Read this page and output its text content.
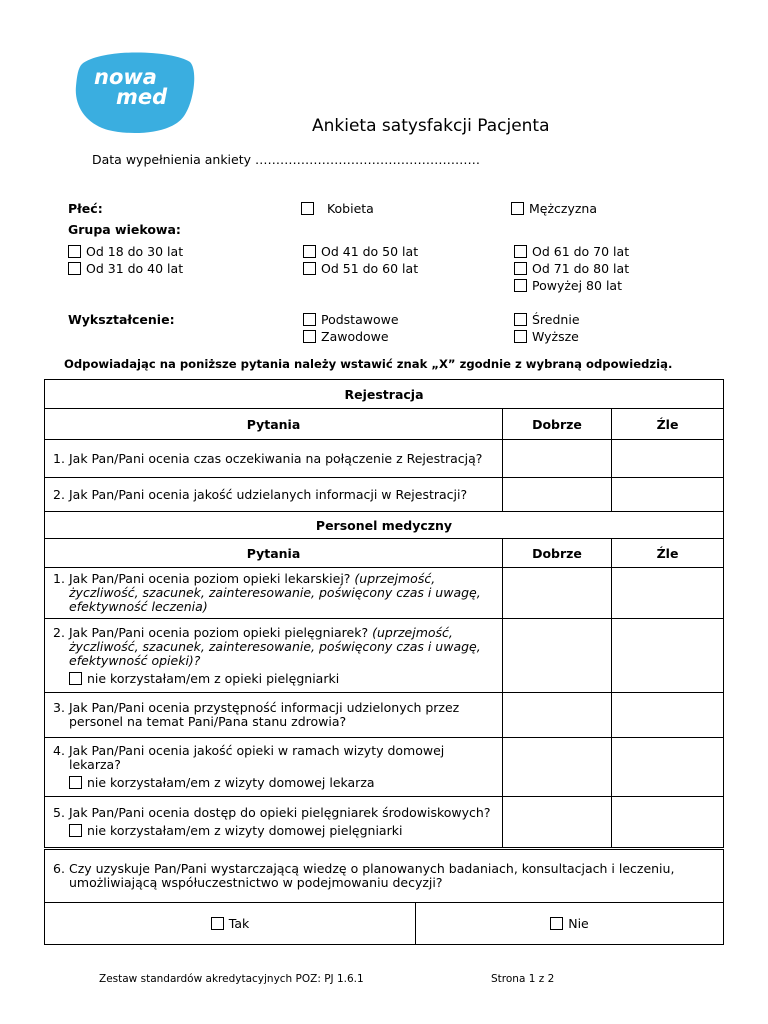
nowa
med
Ankieta satysfakcji Pacjenta
Data wypełnienia ankiety ………………………………………………
Płeć:	Kobieta	Mężczyzna
Grupa wiekowa:
Od 18 do 30 lat
Od 31 do 40 lat
Od 41 do 50 lat
Od 51 do 60 lat
Od 61 do 70 lat
Od 71 do 80 lat
Powyżej 80 lat
Wykształcenie:	Podstawowe
Zawodowe
Średnie
Wyższe
Odpowiadając na poniższe pytania należy wstawić znak „X” zgodnie z wybraną odpowiedzią.
Rejestracja		
Pytania	Dobrze	Źle

1. Jak Pan/Pani ocenia czas oczekiwania na połączenie z Rejestracją?		

2. Jak Pan/Pani ocenia jakość udzielanych informacji w Rejestracji?		
Personel medyczny		
Pytania	Dobrze	Źle

1. Jak Pan/Pani ocenia poziom opieki lekarskiej? (uprzejmość, życzliwość, szacunek, zainteresowanie, poświęcony czas i uwagę, efektywność leczenia)		

2. Jak Pan/Pani ocenia poziom opieki pielęgniarek? (uprzejmość, życzliwość, szacunek, zainteresowanie, poświęcony czas i uwagę, efektywność opieki)?
nie korzystałam/em z opieki pielęgniarki		

3. Jak Pan/Pani ocenia przystępność informacji udzielonych przez personel na temat Pani/Pana stanu zdrowia?		

4. Jak Pan/Pani ocenia jakość opieki w ramach wizyty domowej lekarza?
nie korzystałam/em z wizyty domowej lekarza		

5. Jak Pan/Pani ocenia dostęp do opieki pielęgniarek środowiskowych?
nie korzystałam/em z wizyty domowej pielęgniarki		

6. Czy uzyskuje Pan/Pani wystarczającą wiedzę o planowanych badaniach, konsultacjach i leczeniu, umożliwiającą współuczestnictwo w podejmowaniu decyzji?
Tak	Nie
Zestaw standardów akredytacyjnych POZ: PJ 1.6.1	Strona 1 z 2
